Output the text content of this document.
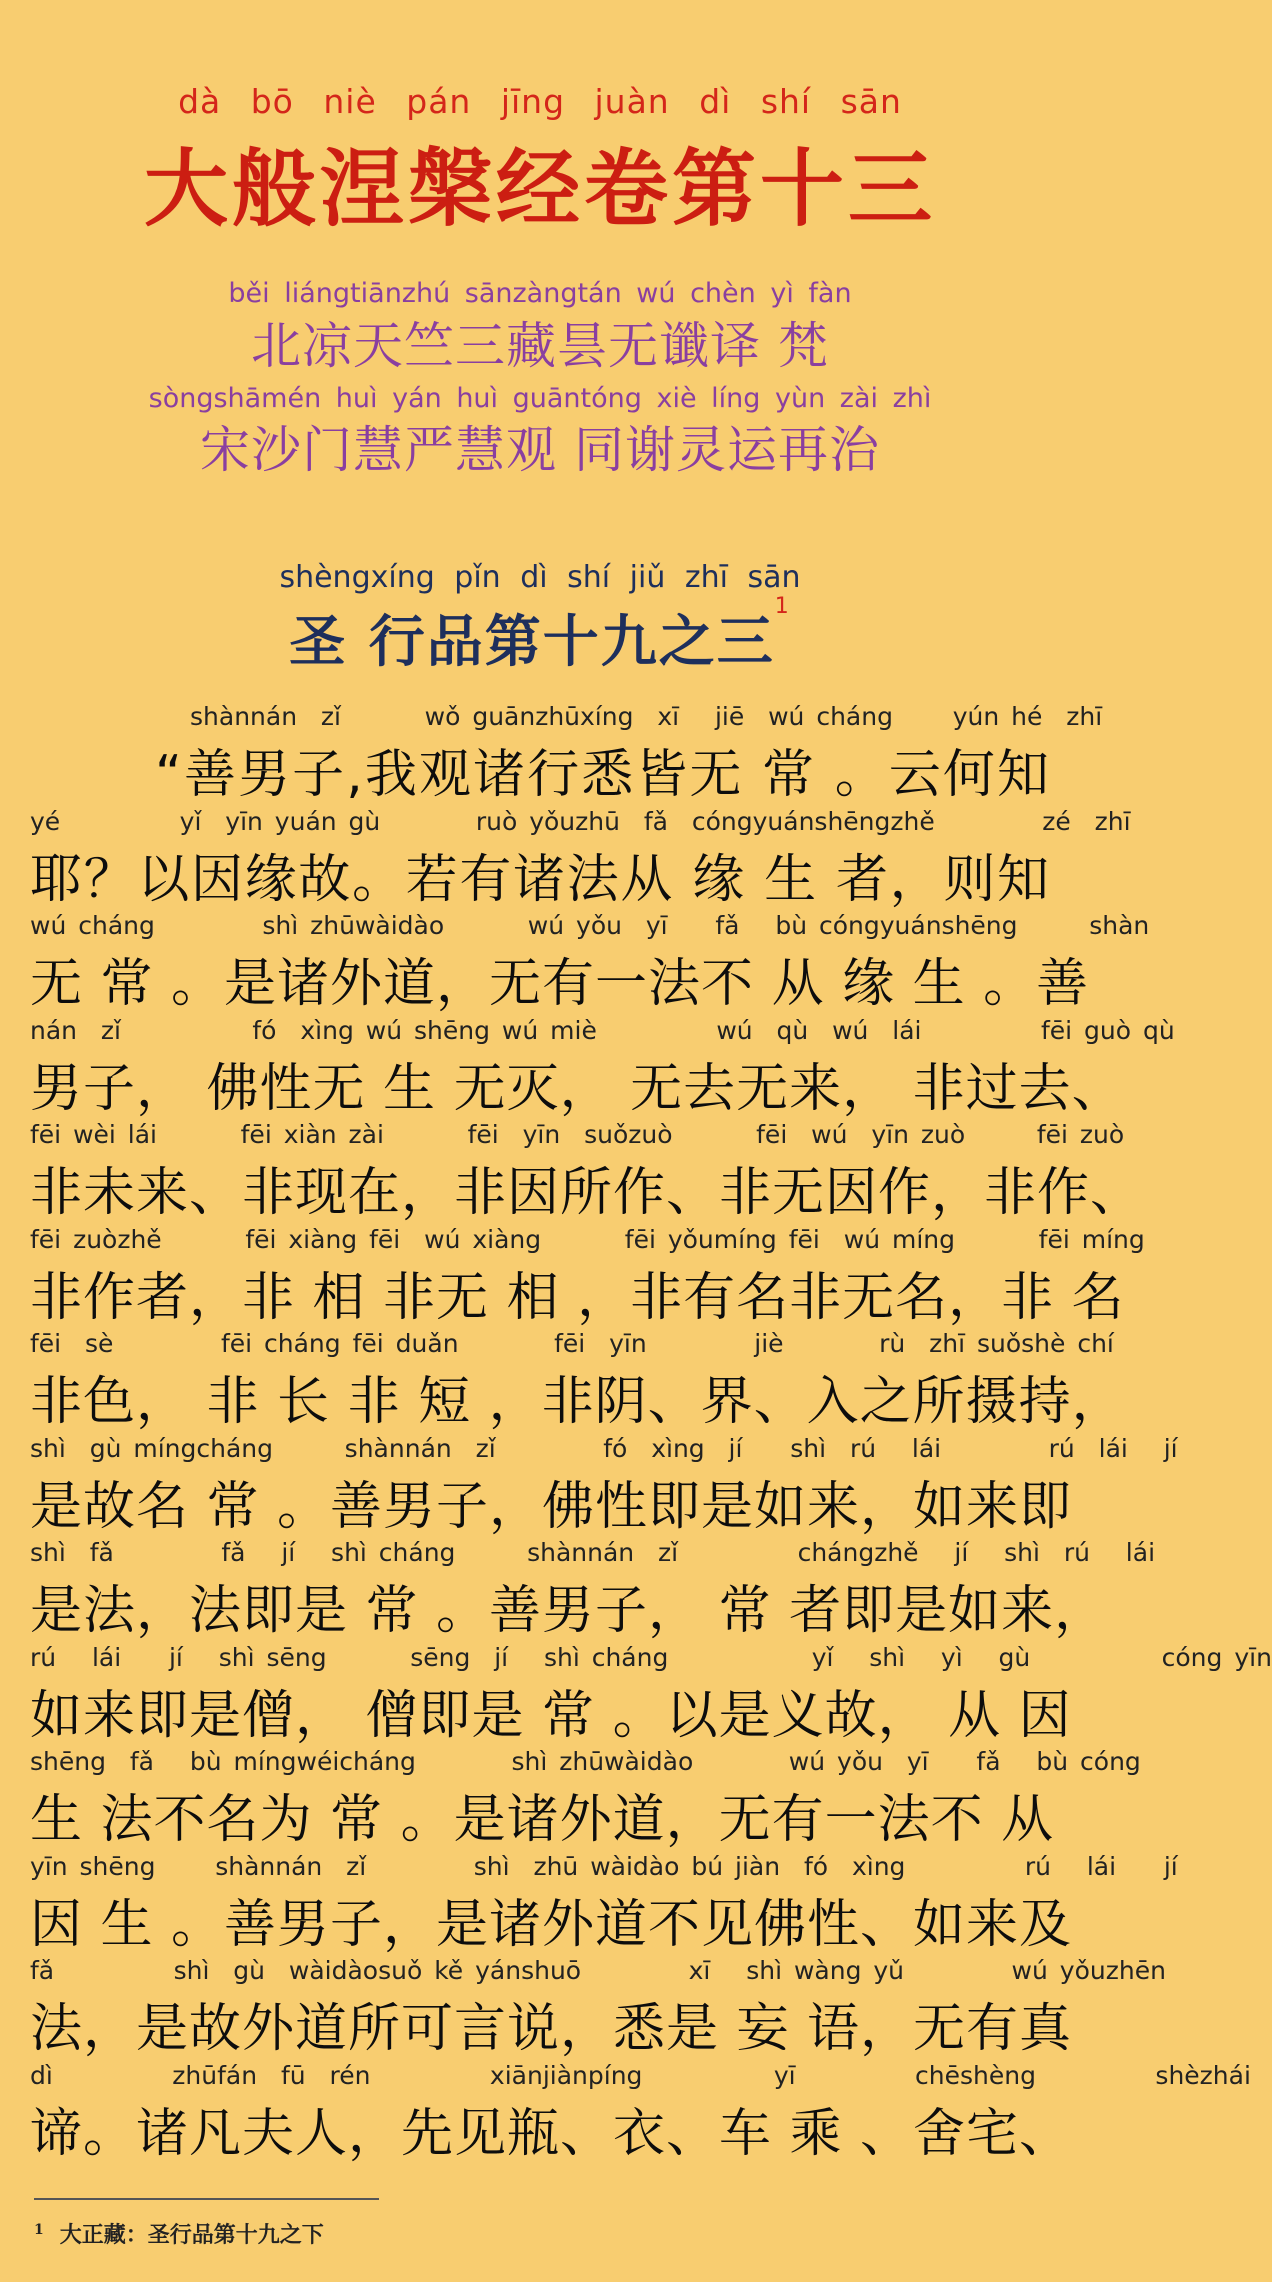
dà bō niè pán jīng juàn dì shí sān
大般涅槃经卷第十三
běi liángtiānzhú sānzàngtán wú chèn yì fàn
北凉天竺三藏昙无谶译 梵
sòngshāmén huì yán huì guāntóng xiè líng yùn zài zhì
宋沙门慧严慧观 同谢灵运再治
shèngxíng pǐn dì shí jiǔ zhī sān
圣 行品第十九之三$^1$
shànnán  zǐ       wǒ guānzhūxíng  xī   jiē  wú cháng     yún hé  zhī
“善男子,我观诸行悉皆无 常 。云何知
yé          yǐ  yīn yuán gù        ruò yǒuzhū  fǎ  cóngyuánshēngzhě         zé  zhī
耶？以因缘故。若有诸法从 缘 生 者，则知
wú cháng         shì zhūwàidào       wú yǒu  yī    fǎ   bù cóngyuánshēng      shàn
无 常 。是诸外道，无有一法不 从 缘 生 。善
nán  zǐ           fó  xìng wú shēng wú miè          wú  qù  wú  lái          fēi guò qù
男子， 佛性无 生 无灭， 无去无来， 非过去、
fēi wèi lái       fēi xiàn zài       fēi  yīn  suǒzuò       fēi  wú  yīn zuò      fēi zuò
非未来、非现在，非因所作、非无因作，非作、
fēi zuòzhě       fēi xiàng fēi  wú xiàng       fēi yǒumíng fēi  wú míng       fēi míng
非作者，非 相 非无 相 ，非有名非无名，非 名
fēi  sè         fēi cháng fēi duǎn        fēi  yīn         jiè        rù  zhī suǒshè chí
非色， 非 长 非 短 ，非阴、界、入之所摄持，
shì  gù míngcháng      shànnán  zǐ         fó  xìng  jí    shì  rú   lái         rú  lái   jí
是故名 常 。善男子，佛性即是如来，如来即
shì  fǎ         fǎ   jí   shì cháng      shànnán  zǐ          chángzhě   jí   shì  rú   lái
是法，法即是 常 。善男子， 常 者即是如来，
rú   lái    jí   shì sēng       sēng  jí   shì cháng            yǐ   shì   yì   gù           cóng yīn
如来即是僧， 僧即是 常 。以是义故， 从 因
shēng  fǎ   bù míngwéicháng        shì zhūwàidào        wú yǒu  yī    fǎ   bù cóng
生 法不名为 常 。是诸外道，无有一法不 从
yīn shēng     shànnán  zǐ         shì  zhū wàidào bú jiàn  fó  xìng          rú   lái    jí
因 生 。善男子，是诸外道不见佛性、如来及
fǎ          shì  gù  wàidàosuǒ kě yánshuō         xī   shì wàng yǔ         wú yǒuzhēn
法，是故外道所可言说，悉是 妄 语，无有真
dì          zhūfán  fū  rén          xiānjiànpíng           yī          chēshèng          shèzhái
谛。诸凡夫人，先见瓶、衣、车 乘 、舍宅、
$^1$ 大正藏：圣行品第十九之下
